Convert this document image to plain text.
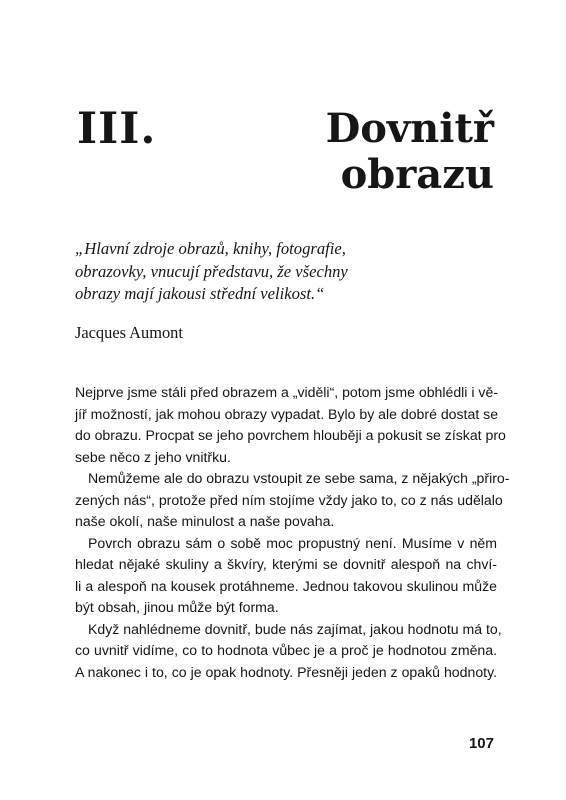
III.	Dovnitř
obrazu
„Hlavní zdroje obrazů, knihy, fotografie,
obrazovky, vnucují představu, že všechny
obrazy mají jakousi střední velikost.“
Jacques Aumont
Nejprve jsme stáli před obrazem a „viděli“, potom jsme obhlédli i vě-
jíř možností, jak mohou obrazy vypadat. Bylo by ale dobré dostat se
do obrazu. Procpat se jeho povrchem hlouběji a pokusit se získat pro
sebe něco z jeho vnitřku.
Nemůžeme ale do obrazu vstoupit ze sebe sama, z nějakých „přiro-
zených nás“, protože před ním stojíme vždy jako to, co z nás udělalo
naše okolí, naše minulost a naše povaha.
Povrch obrazu sám o sobě moc propustný není. Musíme v něm
hledat nějaké skuliny a škvíry, kterými se dovnitř alespoň na chví-
li a alespoň na kousek protáhneme. Jednou takovou skulinou může
být obsah, jinou může být forma.
Když nahlédneme dovnitř, bude nás zajímat, jakou hodnotu má to,
co uvnitř vidíme, co to hodnota vůbec je a proč je hodnotou změna.
A nakonec i to, co je opak hodnoty. Přesněji jeden z opaků hodnoty.
107
